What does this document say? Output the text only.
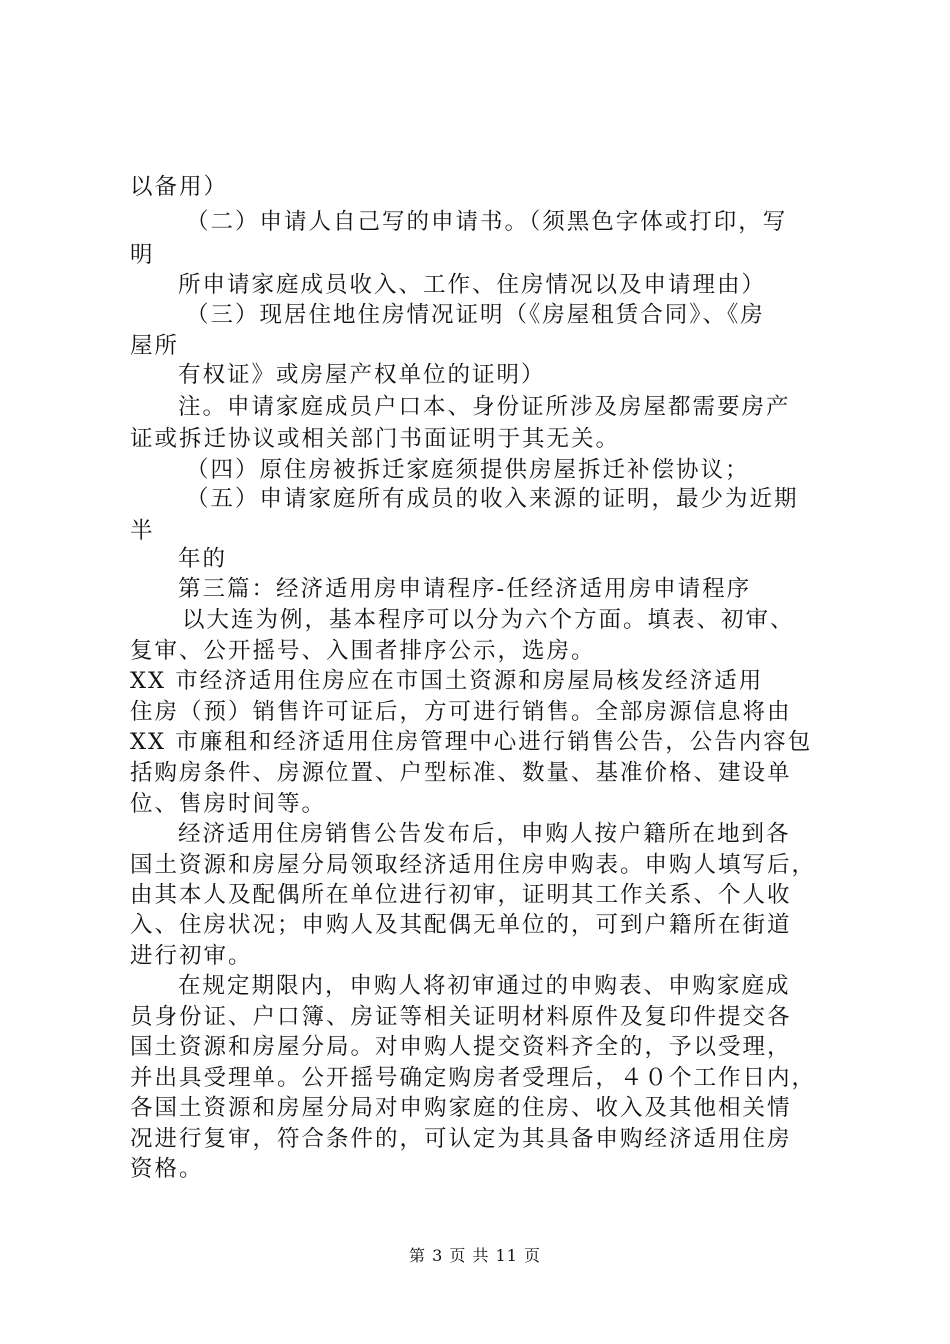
以备用）
（二）申请人自己写的申请书。（须黑色字体或打印，写
明
所申请家庭成员收入、工作、住房情况以及申请理由）
（三）现居住地住房情况证明（《房屋租赁合同》、《房
屋所
有权证》或房屋产权单位的证明）
注。申请家庭成员户口本、身份证所涉及房屋都需要房产
证或拆迁协议或相关部门书面证明于其无关。
（四）原住房被拆迁家庭须提供房屋拆迁补偿协议；
（五）申请家庭所有成员的收入来源的证明，最少为近期
半
年的
第三篇：经济适用房申请程序-任经济适用房申请程序
以大连为例，基本程序可以分为六个方面。填表、初审、
复审、公开摇号、入围者排序公示，选房。
XX 市经济适用住房应在市国土资源和房屋局核发经济适用
住房（预）销售许可证后，方可进行销售。全部房源信息将由
XX 市廉租和经济适用住房管理中心进行销售公告，公告内容包
括购房条件、房源位置、户型标准、数量、基准价格、建设单
位、售房时间等。
经济适用住房销售公告发布后，申购人按户籍所在地到各
国土资源和房屋分局领取经济适用住房申购表。申购人填写后，
由其本人及配偶所在单位进行初审，证明其工作关系、个人收
入、住房状况；申购人及其配偶无单位的，可到户籍所在街道
进行初审。
在规定期限内，申购人将初审通过的申购表、申购家庭成
员身份证、户口簿、房证等相关证明材料原件及复印件提交各
国土资源和房屋分局。对申购人提交资料齐全的，予以受理，
并出具受理单。公开摇号确定购房者受理后，４０个工作日内，
各国土资源和房屋分局对申购家庭的住房、收入及其他相关情
况进行复审，符合条件的，可认定为其具备申购经济适用住房
资格。
第 3 页 共 11 页
